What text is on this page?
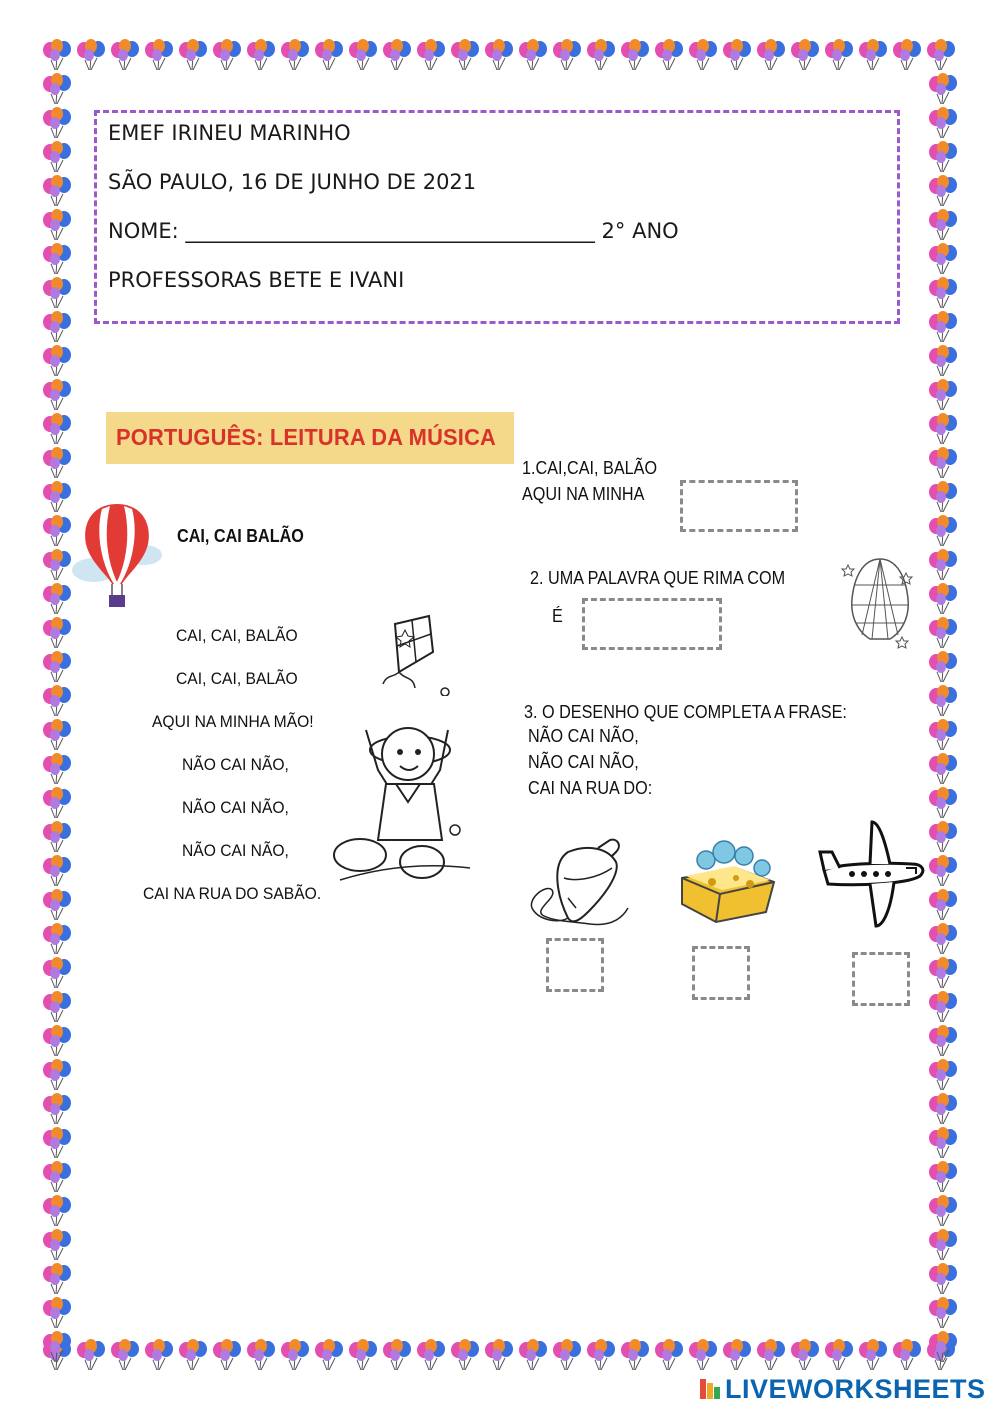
EMEF IRINEU MARINHO
SÃO PAULO, 16 DE JUNHO DE 2021
NOME: _______________________________________ 2° ANO
PROFESSORAS BETE E IVANI
PORTUGUÊS: LEITURA DA MÚSICA
CAI, CAI BALÃO
CAI, CAI, BALÃO
CAI, CAI, BALÃO
AQUI NA MINHA MÃO!
NÃO CAI NÃO,
NÃO CAI NÃO,
NÃO CAI NÃO,
CAI NA RUA DO SABÃO.
1.CAI,CAI, BALÃO
AQUI NA MINHA
2. UMA PALAVRA QUE RIMA COM
É
3. O DESENHO QUE COMPLETA A FRASE:
NÃO CAI NÃO,
NÃO CAI NÃO,
CAI NA RUA DO:
LIVEWORKSHEETS
